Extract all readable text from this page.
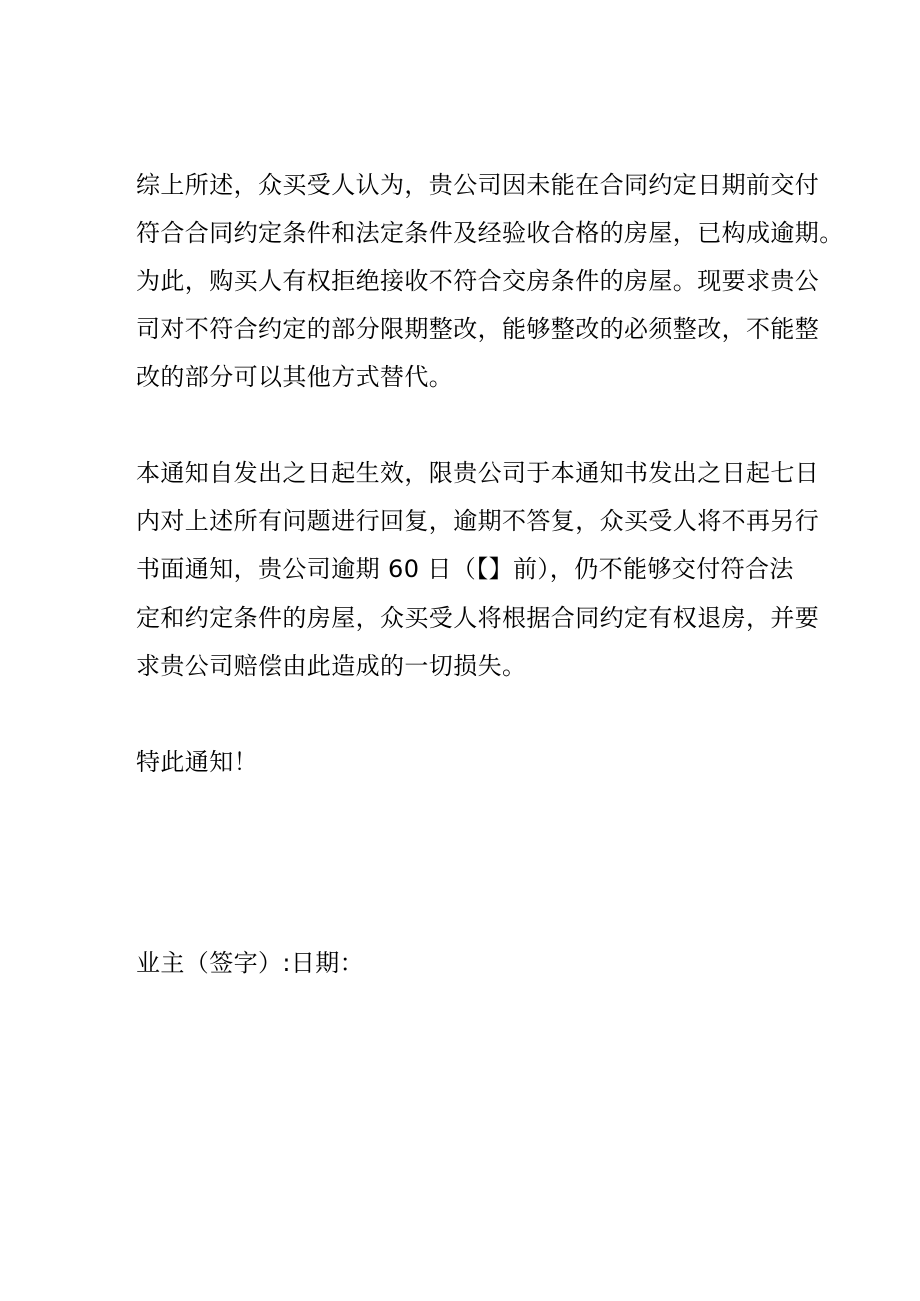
综上所述，众买受人认为，贵公司因未能在合同约定日期前交付
符合合同约定条件和法定条件及经验收合格的房屋，已构成逾期。
为此，购买人有权拒绝接收不符合交房条件的房屋。现要求贵公
司对不符合约定的部分限期整改，能够整改的必须整改，不能整
改的部分可以其他方式替代。
本通知自发出之日起生效，限贵公司于本通知书发出之日起七日
内对上述所有问题进行回复，逾期不答复，众买受人将不再另行
书面通知，贵公司逾期 60 日（【】前），仍不能够交付符合法
定和约定条件的房屋，众买受人将根据合同约定有权退房，并要
求贵公司赔偿由此造成的一切损失。
特此通知！
业主（签字）:日期：
